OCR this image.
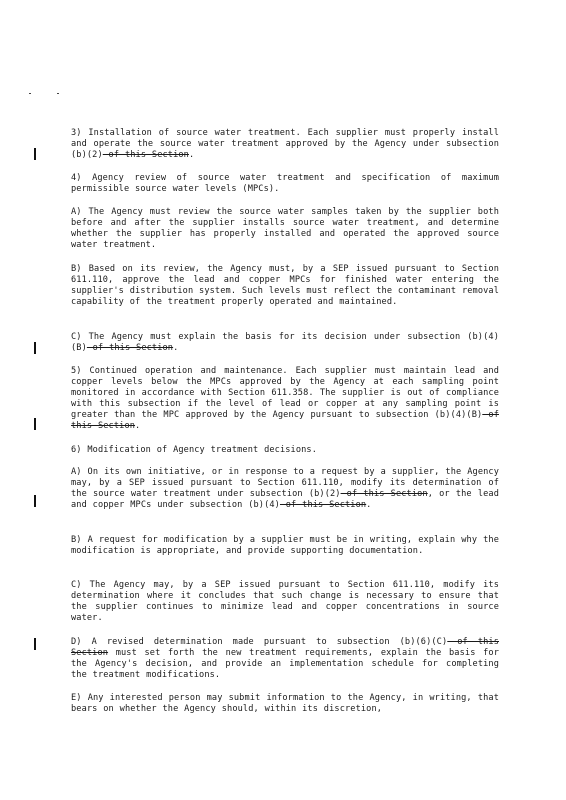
3) Installation of source water treatment. Each supplier must properly install and operate the source water treatment approved by the Agency under subsection (b)(2) of this Section.
4) Agency review of source water treatment and specification of maximum permissible source water levels (MPCs).
A) The Agency must review the source water samples taken by the supplier both before and after the supplier installs source water treatment, and determine whether the supplier has properly installed and operated the approved source water treatment.
B) Based on its review, the Agency must, by a SEP issued pursuant to Section 611.110, approve the lead and copper MPCs for finished water entering the supplier's distribution system. Such levels must reflect the contaminant removal capability of the treatment properly operated and maintained.
C) The Agency must explain the basis for its decision under subsection (b)(4)(B) of this Section.
5) Continued operation and maintenance. Each supplier must maintain lead and copper levels below the MPCs approved by the Agency at each sampling point monitored in accordance with Section 611.358. The supplier is out of compliance with this subsection if the level of lead or copper at any sampling point is greater than the MPC approved by the Agency pursuant to subsection (b)(4)(B) of this Section.
6) Modification of Agency treatment decisions.
A) On its own initiative, or in response to a request by a supplier, the Agency may, by a SEP issued pursuant to Section 611.110, modify its determination of the source water treatment under subsection (b)(2) of this Section, or the lead and copper MPCs under subsection (b)(4) of this Section.
B) A request for modification by a supplier must be in writing, explain why the modification is appropriate, and provide supporting documentation.
C) The Agency may, by a SEP issued pursuant to Section 611.110, modify its determination where it concludes that such change is necessary to ensure that the supplier continues to minimize lead and copper concentrations in source water.
D) A revised determination made pursuant to subsection (b)(6)(C) of this Section must set forth the new treatment requirements, explain the basis for the Agency's decision, and provide an implementation schedule for completing the treatment modifications.
E) Any interested person may submit information to the Agency, in writing, that bears on whether the Agency should, within its discretion,
